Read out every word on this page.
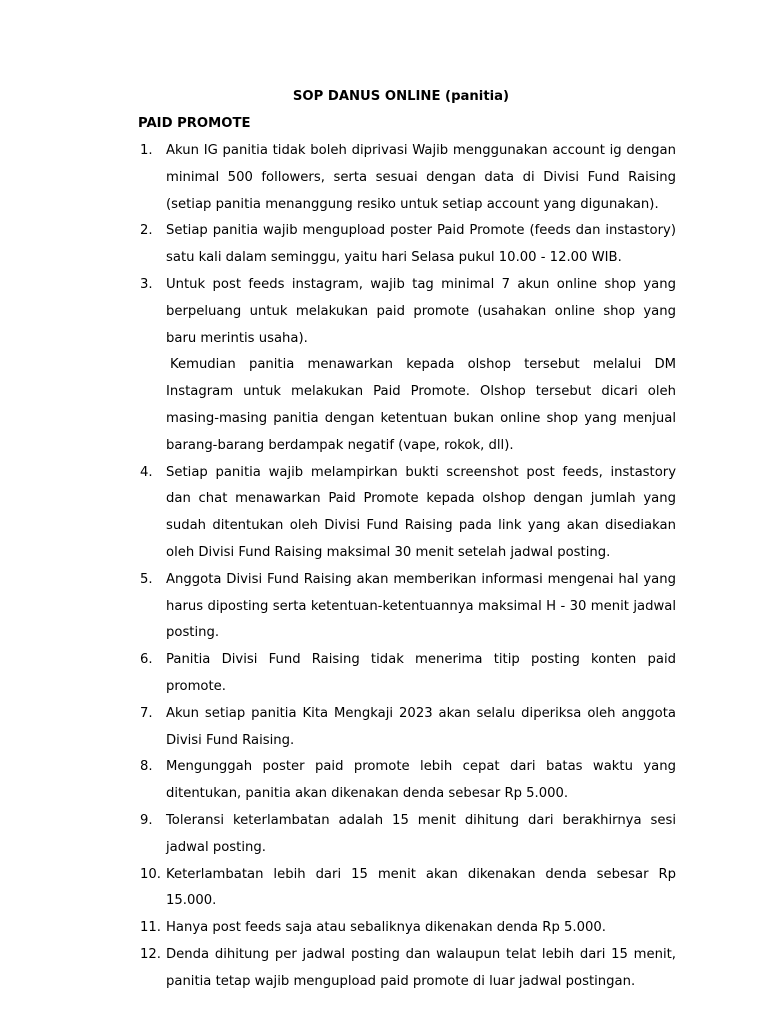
SOP DANUS ONLINE (panitia)
PAID PROMOTE
1.	Akun IG panitia tidak boleh diprivasi Wajib menggunakan account ig dengan minimal 500 followers, serta sesuai dengan data di Divisi Fund Raising (setiap panitia menanggung resiko untuk setiap account yang digunakan).

2.	Setiap panitia wajib mengupload poster Paid Promote (feeds dan instastory) satu kali dalam seminggu, yaitu hari Selasa pukul 10.00 - 12.00 WIB.

3.	Untuk post feeds instagram, wajib tag minimal 7 akun online shop yang berpeluang untuk melakukan paid promote (usahakan online shop yang baru merintis usaha).

Kemudian panitia menawarkan kepada olshop tersebut melalui DM Instagram untuk melakukan Paid Promote. Olshop tersebut dicari oleh masing-masing panitia dengan ketentuan bukan online shop yang menjual barang-barang berdampak negatif (vape, rokok, dll).

4.	Setiap panitia wajib melampirkan bukti screenshot post feeds, instastory dan chat menawarkan Paid Promote kepada olshop dengan jumlah yang sudah ditentukan oleh Divisi Fund Raising pada link yang akan disediakan oleh Divisi Fund Raising maksimal 30 menit setelah jadwal posting.

5.	Anggota Divisi Fund Raising akan memberikan informasi mengenai hal yang harus diposting serta ketentuan-ketentuannya maksimal H - 30 menit jadwal posting.

6.	Panitia Divisi Fund Raising tidak menerima titip posting konten paid promote.

7.	Akun setiap panitia Kita Mengkaji 2023 akan selalu diperiksa oleh anggota Divisi Fund Raising.

8.	Mengunggah poster paid promote lebih cepat dari batas waktu yang ditentukan, panitia akan dikenakan denda sebesar Rp 5.000.

9.	Toleransi keterlambatan adalah 15 menit dihitung dari berakhirnya sesi jadwal posting.

10. Keterlambatan lebih dari 15 menit akan dikenakan denda sebesar Rp 15.000.

11. Hanya post feeds saja atau sebaliknya dikenakan denda Rp 5.000.

12. Denda dihitung per jadwal posting dan walaupun telat lebih dari 15 menit, panitia tetap wajib mengupload paid promote di luar jadwal postingan.
